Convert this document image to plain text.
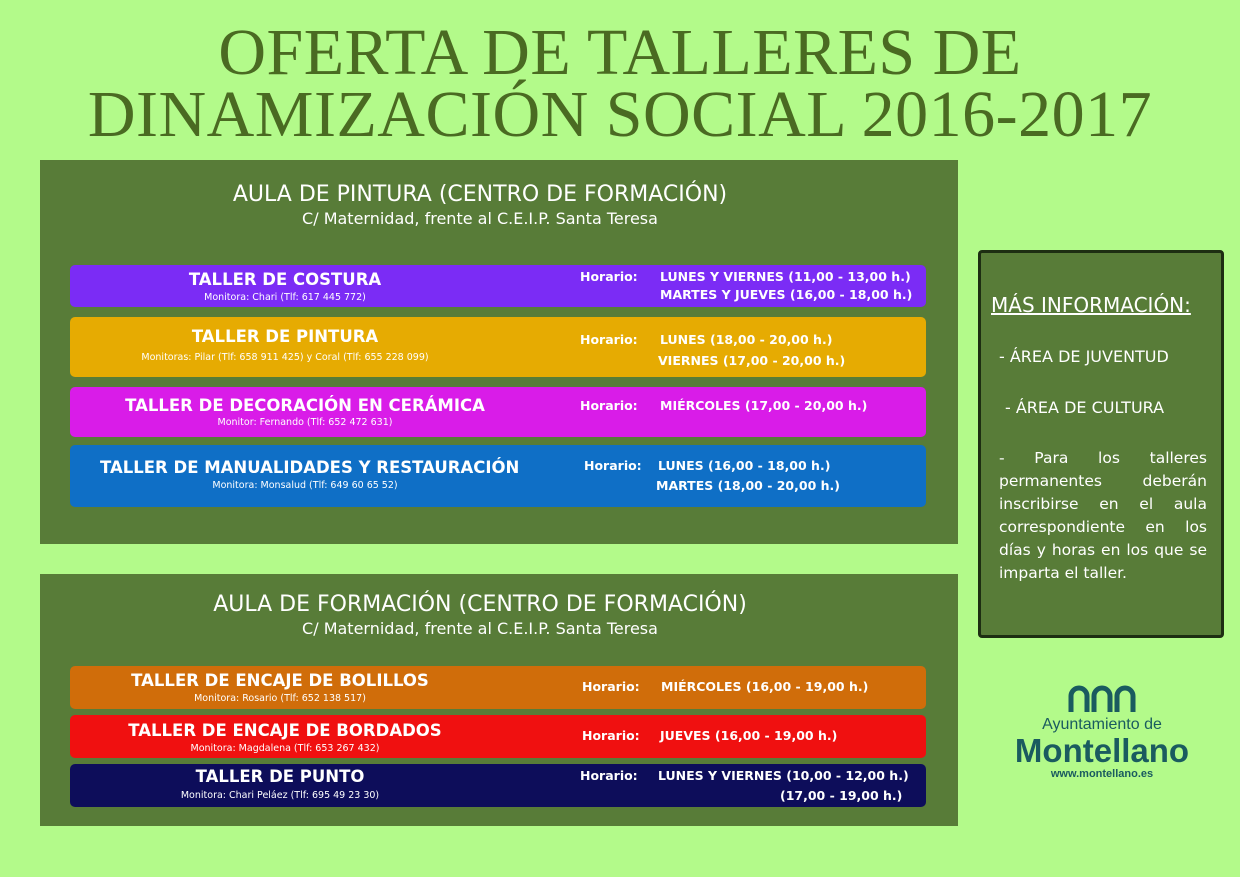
OFERTA DE TALLERES DE
DINAMIZACIÓN SOCIAL 2016-2017
AULA DE PINTURA (CENTRO DE FORMACIÓN)
C/ Maternidad, frente al C.E.I.P. Santa Teresa
TALLER DE COSTURA
Monitora: Chari (Tlf: 617 445 772)
Horario: LUNES Y VIERNES (11,00 - 13,00 h.)
MARTES Y JUEVES (16,00 - 18,00 h.)
TALLER DE PINTURA
Monitoras: Pilar (Tlf: 658 911 425) y Coral (Tlf: 655 228 099)
Horario: LUNES (18,00 - 20,00 h.)
VIERNES (17,00 - 20,00 h.)
TALLER DE DECORACIÓN EN CERÁMICA
Monitor: Fernando (Tlf: 652 472 631)
Horario: MIÉRCOLES (17,00 - 20,00 h.)
TALLER DE MANUALIDADES Y RESTAURACIÓN
Monitora: Monsalud (Tlf: 649 60 65 52)
Horario: LUNES (16,00 - 18,00 h.)
MARTES (18,00 - 20,00 h.)
AULA DE FORMACIÓN (CENTRO DE FORMACIÓN)
C/ Maternidad, frente al C.E.I.P. Santa Teresa
TALLER DE ENCAJE DE BOLILLOS
Monitora: Rosario (Tlf: 652 138 517)
Horario: MIÉRCOLES (16,00 - 19,00 h.)
TALLER DE ENCAJE DE BORDADOS
Monitora: Magdalena (Tlf: 653 267 432)
Horario: JUEVES (16,00 - 19,00 h.)
TALLER DE PUNTO
Monitora: Chari Peláez (Tlf: 695 49 23 30)
Horario: LUNES Y VIERNES (10,00 - 12,00 h.)
(17,00 - 19,00 h.)
MÁS INFORMACIÓN:
- ÁREA DE JUVENTUD
- ÁREA DE CULTURA
- Para los talleres permanentes deberán inscribirse en el aula correspondiente en los días y horas en los que se imparta el taller.
Ayuntamiento de
Montellano
www.montellano.es
